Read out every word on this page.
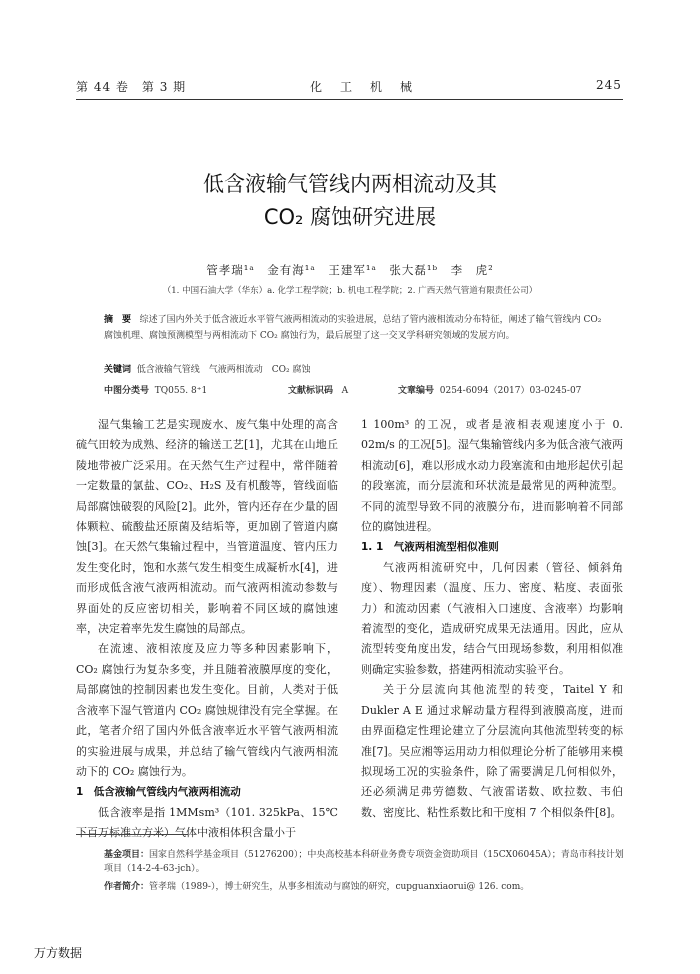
第 44 卷　第 3 期	化　工　机　械	245
低含液输气管线内两相流动及其
CO₂ 腐蚀研究进展
管孝瑞¹ᵃ　金有海¹ᵃ　王建军¹ᵃ　张大磊¹ᵇ　李　虎²
（1. 中国石油大学（华东）a. 化学工程学院；b. 机电工程学院；2. 广西天然气管道有限责任公司）
摘　要 综述了国内外关于低含液近水平管气液两相流动的实验进展，总结了管内液相流动分布特征，阐述了输气管线内 CO₂ 腐蚀机理、腐蚀预测模型与两相流动下 CO₂ 腐蚀行为，最后展望了这一交叉学科研究领域的发展方向。
关键词 低含液输气管线　气液两相流动　CO₂ 腐蚀
中图分类号 TQ055. 8⁺1	文献标识码 A	文章编号 0254-6094（2017）03-0245-07

湿气集输工艺是实现废水、废气集中处理的高含硫气田较为成熟、经济的输送工艺[1]，尤其在山地丘陵地带被广泛采用。在天然气生产过程中，常伴随着一定数量的氯盐、CO₂、H₂S 及有机酸等，管线面临局部腐蚀破裂的风险[2]。此外，管内还存在少量的固体颗粒、硫酸盐还原菌及结垢等，更加剧了管道内腐蚀[3]。在天然气集输过程中，当管道温度、管内压力发生变化时，饱和水蒸气发生相变生成凝析水[4]，进而形成低含液气液两相流动。而气液两相流动参数与界面处的反应密切相关，影响着不同区域的腐蚀速率，决定着率先发生腐蚀的局部点。

在流速、液相浓度及应力等多种因素影响下，CO₂ 腐蚀行为复杂多变，并且随着液膜厚度的变化，局部腐蚀的控制因素也发生变化。目前，人类对于低含液率下湿气管道内 CO₂ 腐蚀规律没有完全掌握。在此，笔者介绍了国内外低含液率近水平管气液两相流的实验进展与成果，并总结了输气管线内气液两相流动下的 CO₂ 腐蚀行为。

1　低含液输气管线内气液两相流动

低含液率是指 1MMsm³（101. 325kPa、15℃ 下百万标准立方米）气体中液相体积含量小于

1 100m³ 的工况，或者是液相表观速度小于 0. 02m/s 的工况[5]。湿气集输管线内多为低含液气液两相流动[6]，难以形成水动力段塞流和由地形起伏引起的段塞流，而分层流和环状流是最常见的两种流型。不同的流型导致不同的液膜分布，进而影响着不同部位的腐蚀进程。

1. 1　气液两相流型相似准则

气液两相流研究中，几何因素（管径、倾斜角度）、物理因素（温度、压力、密度、粘度、表面张力）和流动因素（气液相入口速度、含液率）均影响着流型的变化，造成研究成果无法通用。因此，应从流型转变角度出发，结合气田现场参数，利用相似准则确定实验参数，搭建两相流动实验平台。

关于分层流向其他流型的转变，Taitel Y 和 Dukler A E 通过求解动量方程得到液膜高度，进而由界面稳定性理论建立了分层流向其他流型转变的标准[7]。吴应湘等运用动力相似理论分析了能够用来模拟现场工况的实验条件，除了需要满足几何相似外，还必须满足弗劳德数、气液雷诺数、欧拉数、韦伯数、密度比、粘性系数比和干度相 7 个相似条件[8]。

基金项目：国家自然科学基金项目（51276200）；中央高校基本科研业务费专项资金资助项目（15CX06045A）；青岛市科技计划项目（14-2-4-63-jch）。
作者简介：管孝瑞（1989-），博士研究生，从事多相流动与腐蚀的研究，cupguanxiaorui@ 126. com。
万方数据
